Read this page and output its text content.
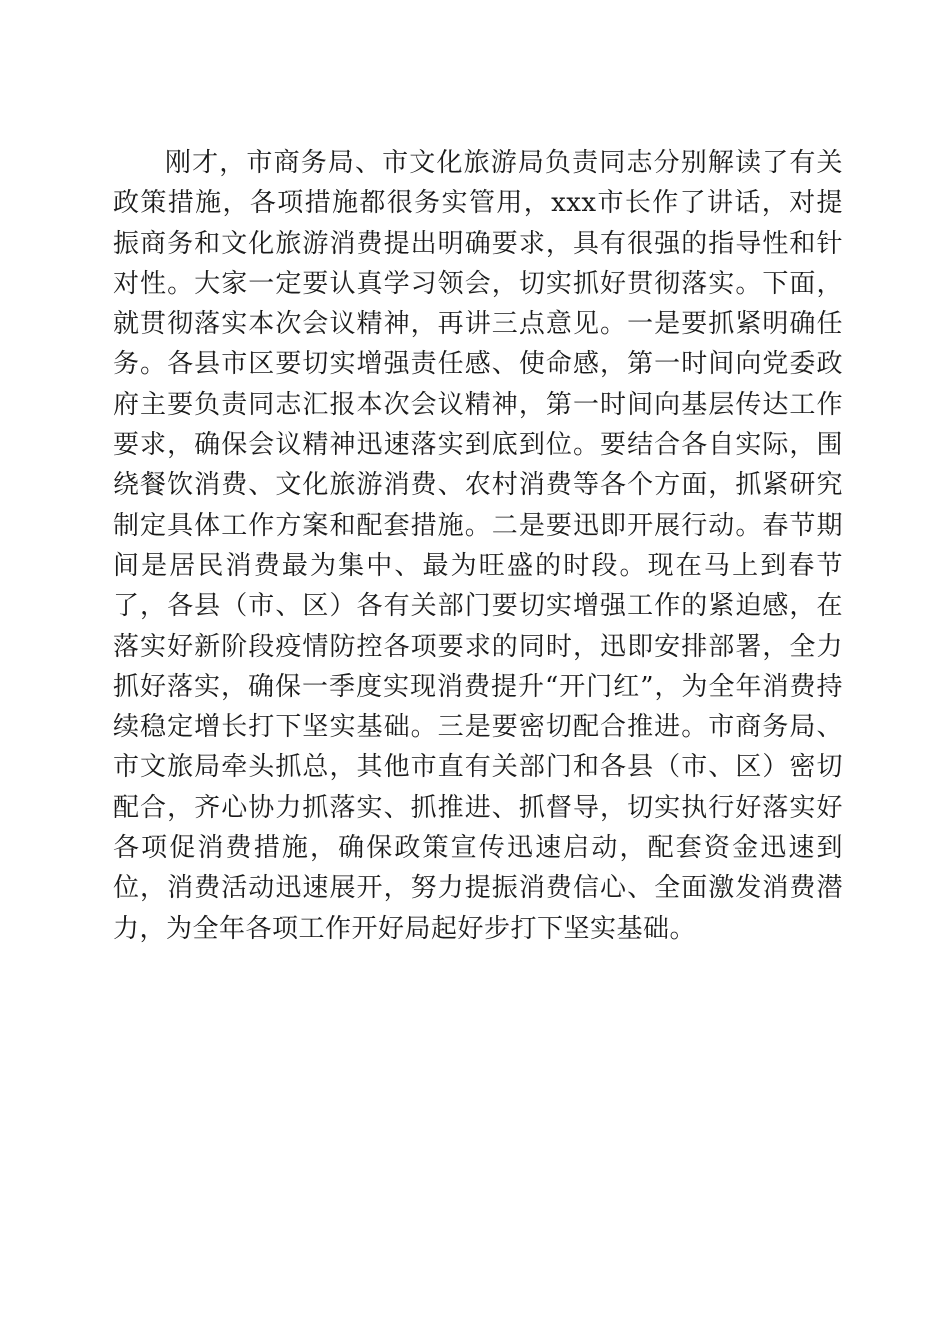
刚才，市商务局、市文化旅游局负责同志分别解读了有关政策措施，各项措施都很务实管用，xxx市长作了讲话，对提振商务和文化旅游消费提出明确要求，具有很强的指导性和针对性。大家一定要认真学习领会，切实抓好贯彻落实。下面，就贯彻落实本次会议精神，再讲三点意见。一是要抓紧明确任务。各县市区要切实增强责任感、使命感，第一时间向党委政府主要负责同志汇报本次会议精神，第一时间向基层传达工作要求，确保会议精神迅速落实到底到位。要结合各自实际，围绕餐饮消费、文化旅游消费、农村消费等各个方面，抓紧研究制定具体工作方案和配套措施。二是要迅即开展行动。春节期间是居民消费最为集中、最为旺盛的时段。现在马上到春节了，各县（市、区）各有关部门要切实增强工作的紧迫感，在落实好新阶段疫情防控各项要求的同时，迅即安排部署，全力抓好落实，确保一季度实现消费提升“开门红”，为全年消费持续稳定增长打下坚实基础。三是要密切配合推进。市商务局、市文旅局牵头抓总，其他市直有关部门和各县（市、区）密切配合，齐心协力抓落实、抓推进、抓督导，切实执行好落实好各项促消费措施，确保政策宣传迅速启动，配套资金迅速到位，消费活动迅速展开，努力提振消费信心、全面激发消费潜力，为全年各项工作开好局起好步打下坚实基础。
